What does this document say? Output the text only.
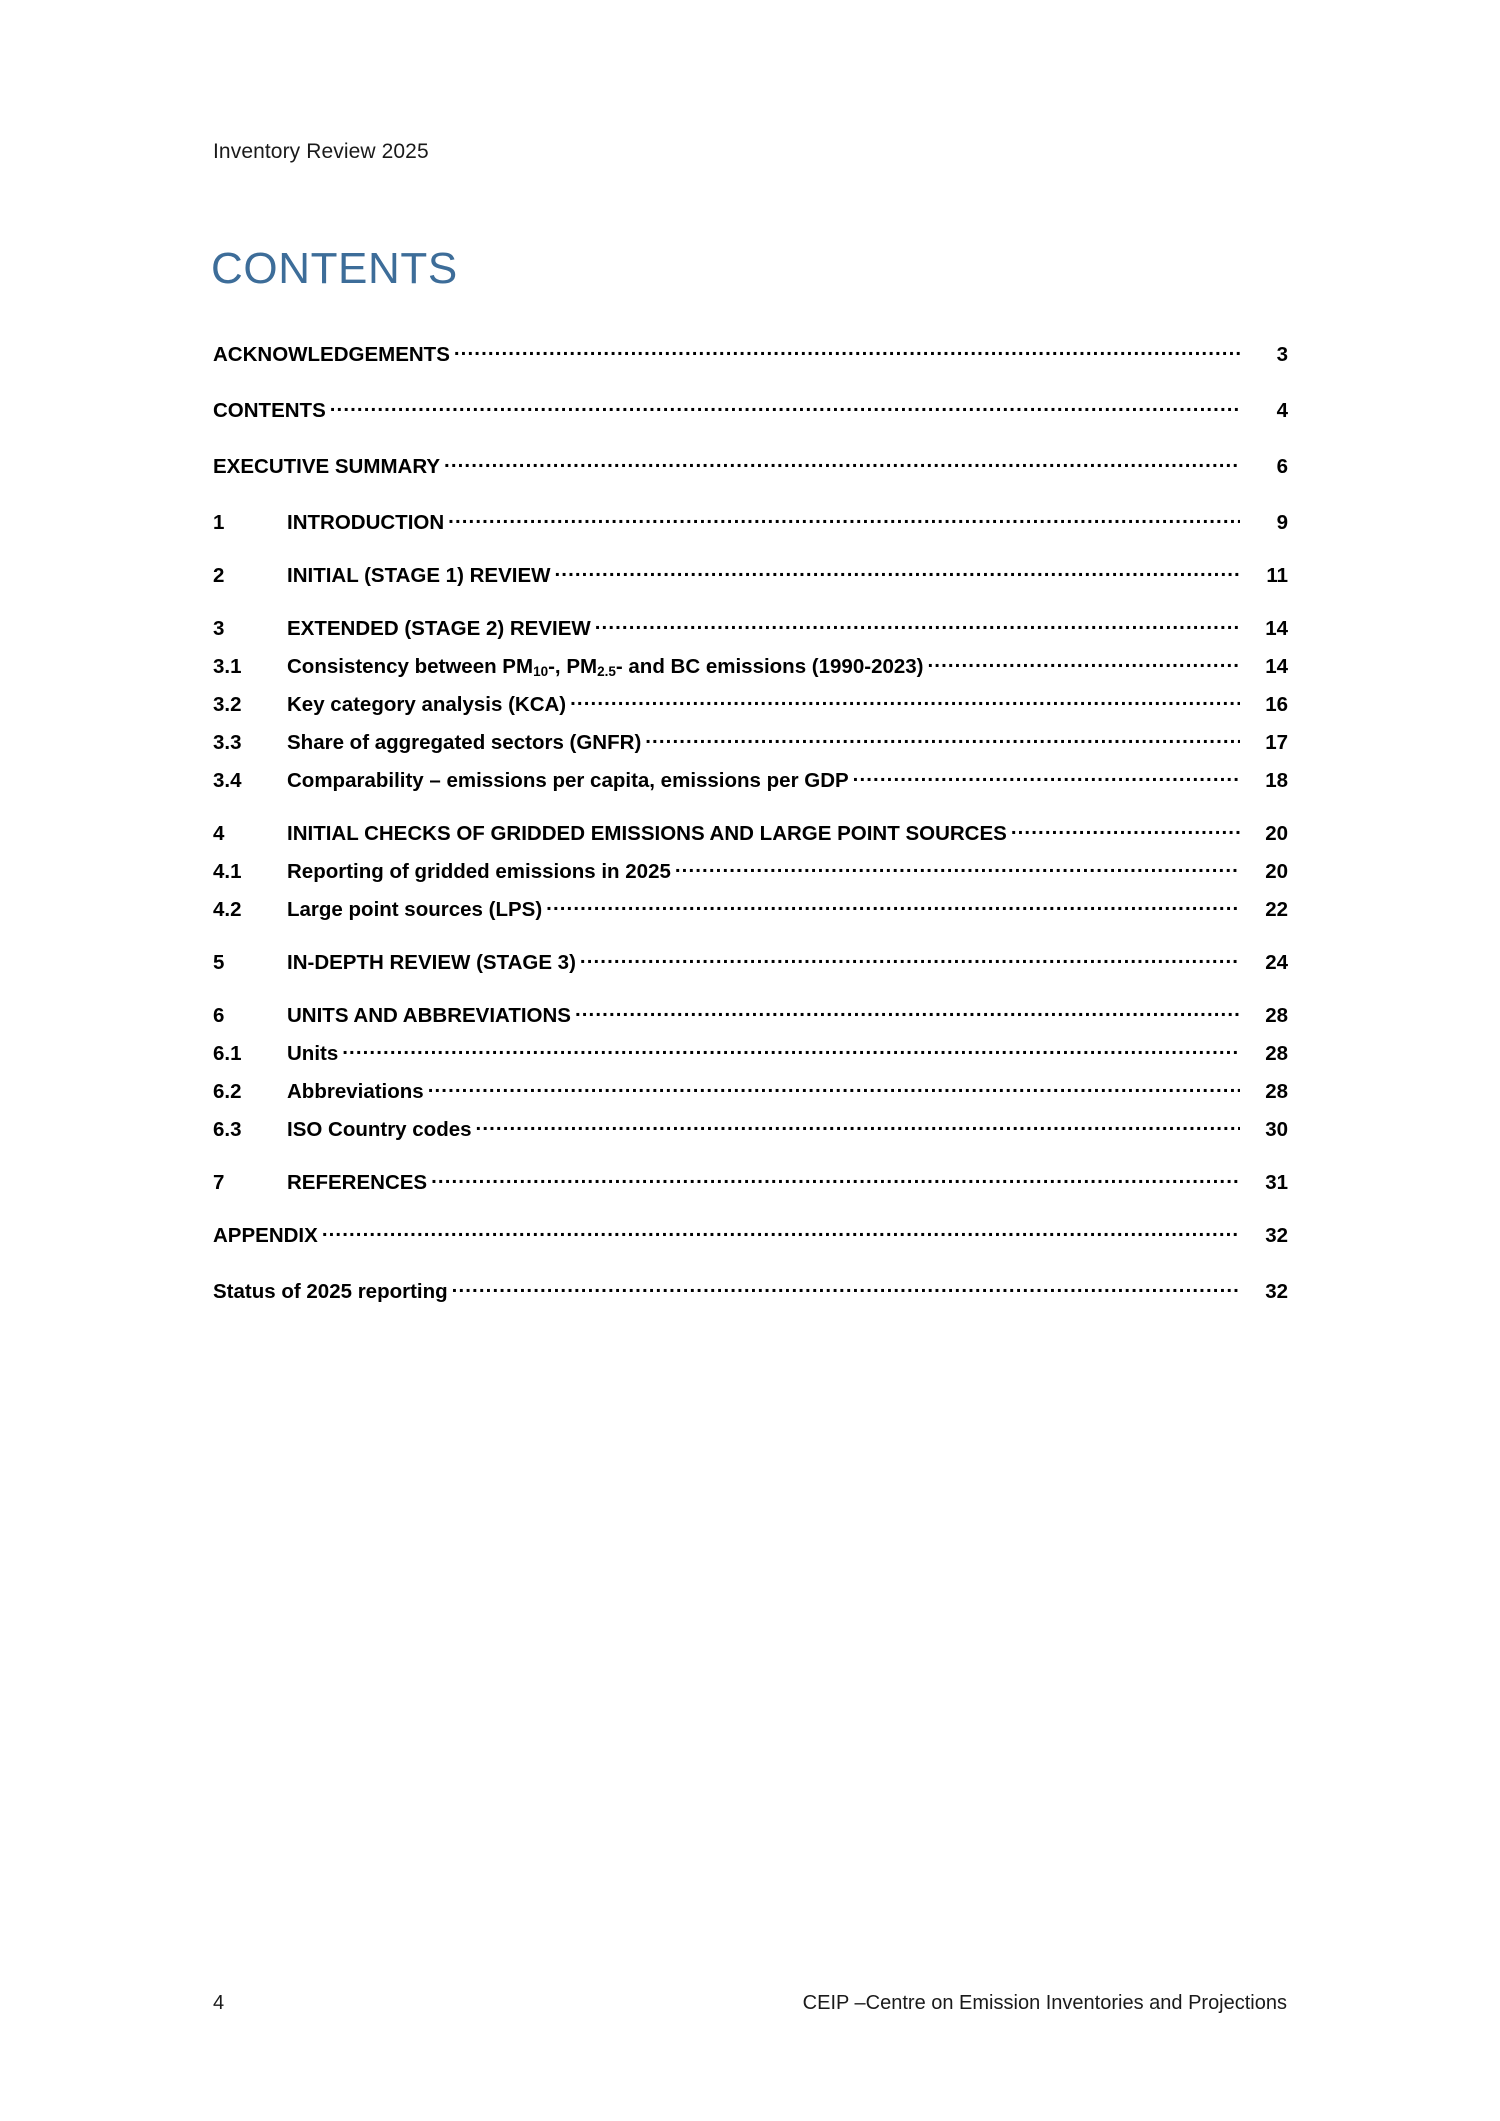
Inventory Review 2025
CONTENTS
ACKNOWLEDGEMENTS .....	3
CONTENTS .....	4
EXECUTIVE SUMMARY .....	6
1	INTRODUCTION .....	9
2	INITIAL (STAGE 1) REVIEW .....	11
3	EXTENDED (STAGE 2) REVIEW .....	14
3.1	Consistency between $PM_{10}-$, $PM_{2.5}-$ and BC emissions (1990-2023) .....	14
3.2	Key category analysis (KCA) .....	16
3.3	Share of aggregated sectors (GNFR) .....	17
3.4	Comparability – emissions per capita, emissions per GDP .....	18
4	INITIAL CHECKS OF GRIDDED EMISSIONS AND LARGE POINT SOURCES .....	20
4.1	Reporting of gridded emissions in 2025 .....	20
4.2	Large point sources (LPS) .....	22
5	IN-DEPTH REVIEW (STAGE 3) .....	24
6	UNITS AND ABBREVIATIONS .....	28
6.1	Units .....	28
6.2	Abbreviations .....	28
6.3	ISO Country codes .....	30
7	REFERENCES .....	31
APPENDIX .....	32
Status of 2025 reporting .....	32
4	CEIP –Centre on Emission Inventories and Projections
